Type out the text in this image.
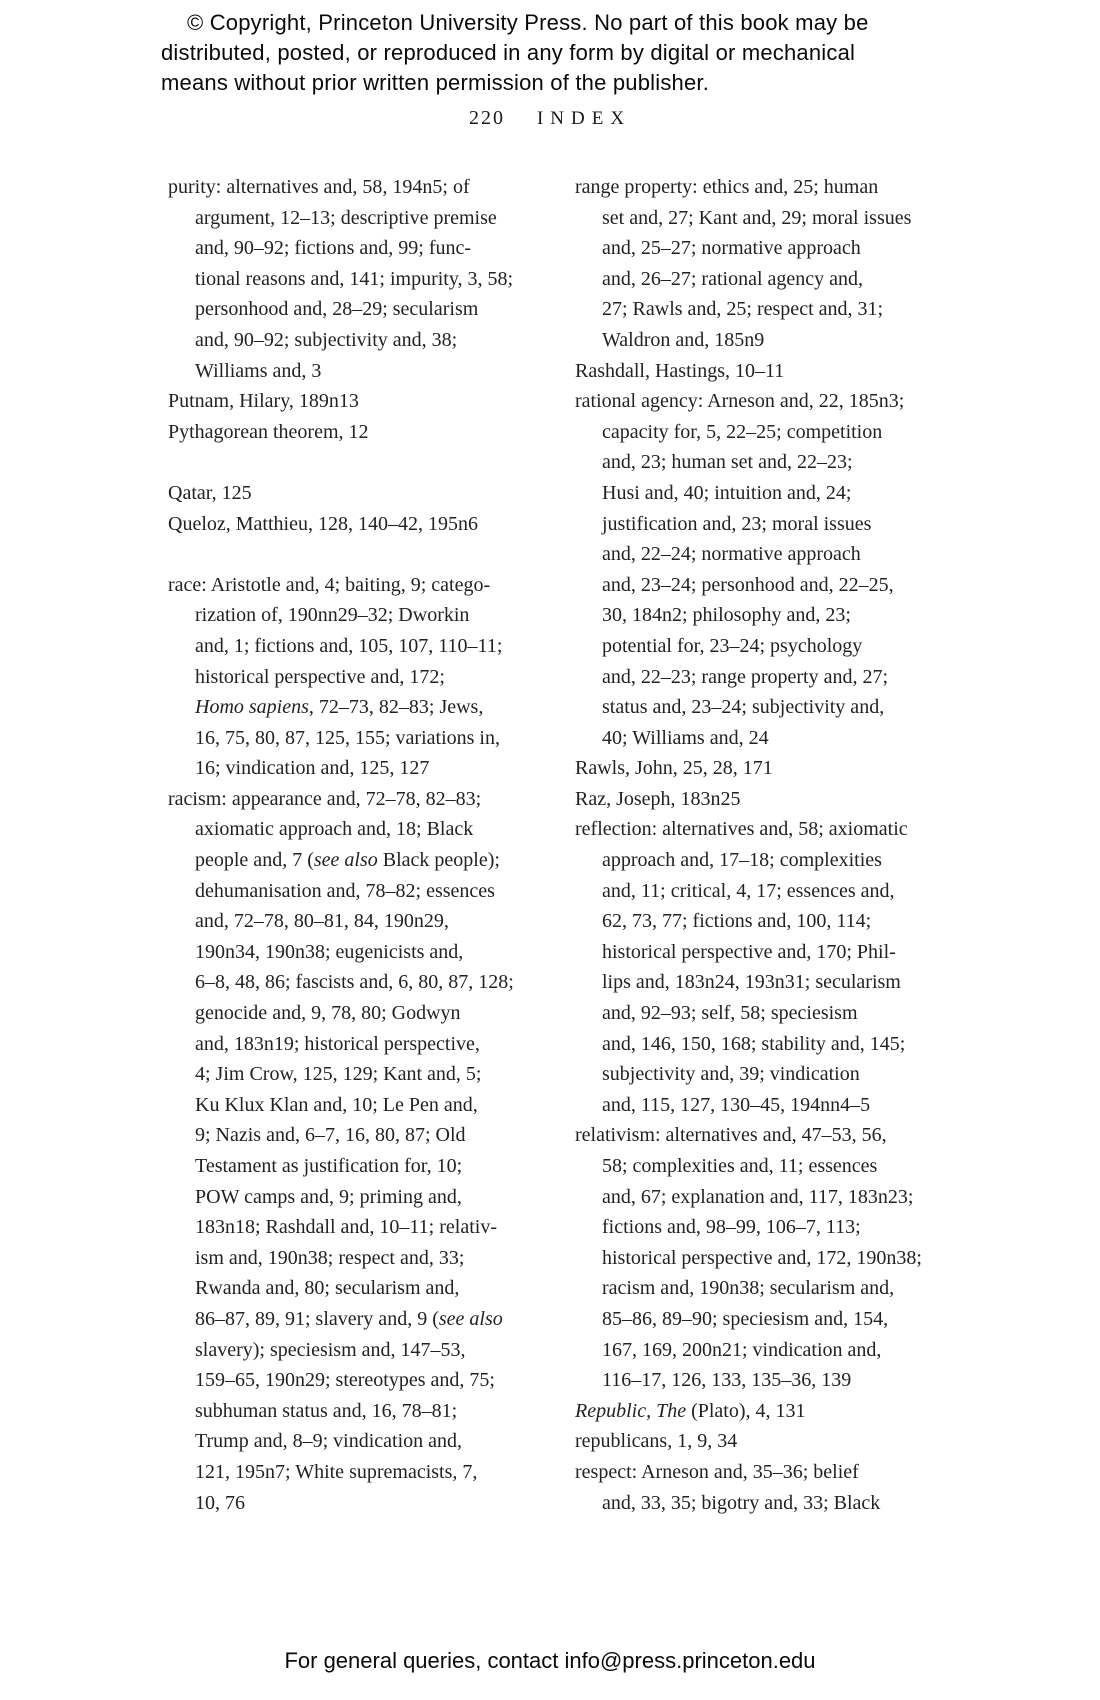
© Copyright, Princeton University Press. No part of this book may be
distributed, posted, or reproduced in any form by digital or mechanical
means without prior written permission of the publisher.
220 INDEX
purity: alternatives and, 58, 194n5; of
argument, 12–13; descriptive premise
and, 90–92; fictions and, 99; func-
tional reasons and, 141; impurity, 3, 58;
personhood and, 28–29; secularism
and, 90–92; subjectivity and, 38;
Williams and, 3
Putnam, Hilary, 189n13
Pythagorean theorem, 12
Qatar, 125
Queloz, Matthieu, 128, 140–42, 195n6
race: Aristotle and, 4; baiting, 9; catego-
rization of, 190nn29–32; Dworkin
and, 1; fictions and, 105, 107, 110–11;
historical perspective and, 172;
Homo sapiens, 72–73, 82–83; Jews,
16, 75, 80, 87, 125, 155; variations in,
16; vindication and, 125, 127
racism: appearance and, 72–78, 82–83;
axiomatic approach and, 18; Black
people and, 7 (see also Black people);
dehumanisation and, 78–82; essences
and, 72–78, 80–81, 84, 190n29,
190n34, 190n38; eugenicists and,
6–8, 48, 86; fascists and, 6, 80, 87, 128;
genocide and, 9, 78, 80; Godwyn
and, 183n19; historical perspective,
4; Jim Crow, 125, 129; Kant and, 5;
Ku Klux Klan and, 10; Le Pen and,
9; Nazis and, 6–7, 16, 80, 87; Old
Testament as justification for, 10;
POW camps and, 9; priming and,
183n18; Rashdall and, 10–11; relativ-
ism and, 190n38; respect and, 33;
Rwanda and, 80; secularism and,
86–87, 89, 91; slavery and, 9 (see also
slavery); speciesism and, 147–53,
159–65, 190n29; stereotypes and, 75;
subhuman status and, 16, 78–81;
Trump and, 8–9; vindication and,
121, 195n7; White supremacists, 7,
10, 76
range property: ethics and, 25; human
set and, 27; Kant and, 29; moral issues
and, 25–27; normative approach
and, 26–27; rational agency and,
27; Rawls and, 25; respect and, 31;
Waldron and, 185n9
Rashdall, Hastings, 10–11
rational agency: Arneson and, 22, 185n3;
capacity for, 5, 22–25; competition
and, 23; human set and, 22–23;
Husi and, 40; intuition and, 24;
justification and, 23; moral issues
and, 22–24; normative approach
and, 23–24; personhood and, 22–25,
30, 184n2; philosophy and, 23;
potential for, 23–24; psychology
and, 22–23; range property and, 27;
status and, 23–24; subjectivity and,
40; Williams and, 24
Rawls, John, 25, 28, 171
Raz, Joseph, 183n25
reflection: alternatives and, 58; axiomatic
approach and, 17–18; complexities
and, 11; critical, 4, 17; essences and,
62, 73, 77; fictions and, 100, 114;
historical perspective and, 170; Phil-
lips and, 183n24, 193n31; secularism
and, 92–93; self, 58; speciesism
and, 146, 150, 168; stability and, 145;
subjectivity and, 39; vindication
and, 115, 127, 130–45, 194nn4–5
relativism: alternatives and, 47–53, 56,
58; complexities and, 11; essences
and, 67; explanation and, 117, 183n23;
fictions and, 98–99, 106–7, 113;
historical perspective and, 172, 190n38;
racism and, 190n38; secularism and,
85–86, 89–90; speciesism and, 154,
167, 169, 200n21; vindication and,
116–17, 126, 133, 135–36, 139
Republic, The (Plato), 4, 131
republicans, 1, 9, 34
respect: Arneson and, 35–36; belief
and, 33, 35; bigotry and, 33; Black
For general queries, contact info@press.princeton.edu
